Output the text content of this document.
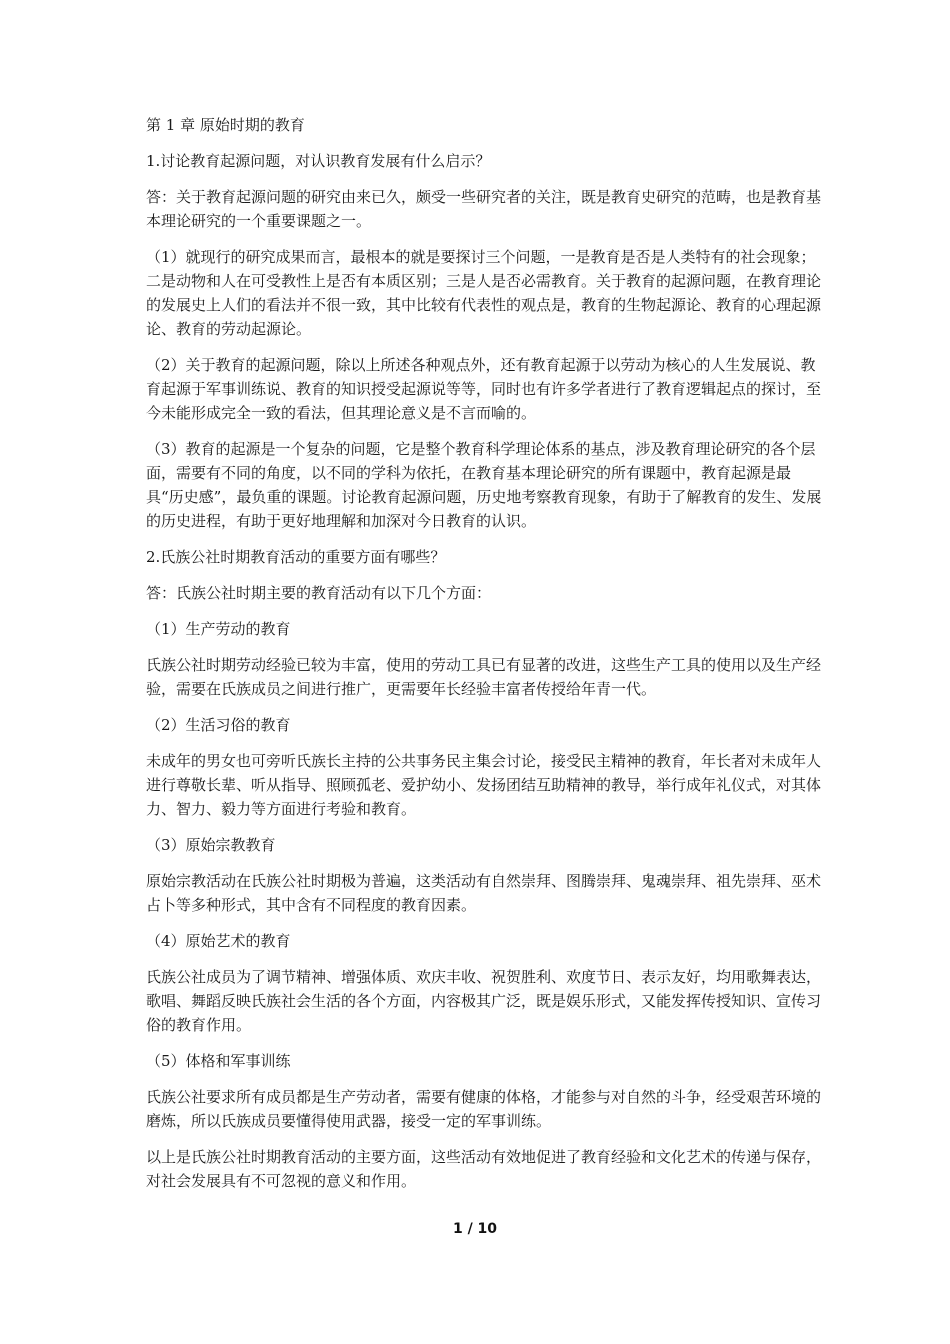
第 1 章 原始时期的教育

1.讨论教育起源问题，对认识教育发展有什么启示？

答：关于教育起源问题的研究由来已久，颇受一些研究者的关注，既是教育史研究的范畴，也是教育基本理论研究的一个重要课题之一。

（1）就现行的研究成果而言，最根本的就是要探讨三个问题，一是教育是否是人类特有的社会现象；二是动物和人在可受教性上是否有本质区别；三是人是否必需教育。关于教育的起源问题，在教育理论的发展史上人们的看法并不很一致，其中比较有代表性的观点是，教育的生物起源论、教育的心理起源论、教育的劳动起源论。

（2）关于教育的起源问题，除以上所述各种观点外，还有教育起源于以劳动为核心的人生发展说、教育起源于军事训练说、教育的知识授受起源说等等，同时也有许多学者进行了教育逻辑起点的探讨，至今未能形成完全一致的看法，但其理论意义是不言而喻的。

（3）教育的起源是一个复杂的问题，它是整个教育科学理论体系的基点，涉及教育理论研究的各个层面，需要有不同的角度，以不同的学科为依托，在教育基本理论研究的所有课题中，教育起源是最具“历史感”，最负重的课题。讨论教育起源问题，历史地考察教育现象，有助于了解教育的发生、发展的历史进程，有助于更好地理解和加深对今日教育的认识。

2.氏族公社时期教育活动的重要方面有哪些？

答：氏族公社时期主要的教育活动有以下几个方面：

（1）生产劳动的教育

氏族公社时期劳动经验已较为丰富，使用的劳动工具已有显著的改进，这些生产工具的使用以及生产经验，需要在氏族成员之间进行推广，更需要年长经验丰富者传授给年青一代。

（2）生活习俗的教育

未成年的男女也可旁听氏族长主持的公共事务民主集会讨论，接受民主精神的教育，年长者对未成年人进行尊敬长辈、听从指导、照顾孤老、爱护幼小、发扬团结互助精神的教导，举行成年礼仪式，对其体力、智力、毅力等方面进行考验和教育。

（3）原始宗教教育

原始宗教活动在氏族公社时期极为普遍，这类活动有自然崇拜、图腾崇拜、鬼魂崇拜、祖先崇拜、巫术占卜等多种形式，其中含有不同程度的教育因素。

（4）原始艺术的教育

氏族公社成员为了调节精神、增强体质、欢庆丰收、祝贺胜利、欢度节日、表示友好，均用歌舞表达，歌唱、舞蹈反映氏族社会生活的各个方面，内容极其广泛，既是娱乐形式，又能发挥传授知识、宣传习俗的教育作用。

（5）体格和军事训练

氏族公社要求所有成员都是生产劳动者，需要有健康的体格，才能参与对自然的斗争，经受艰苦环境的磨炼，所以氏族成员要懂得使用武器，接受一定的军事训练。

以上是氏族公社时期教育活动的主要方面，这些活动有效地促进了教育经验和文化艺术的传递与保存，对社会发展具有不可忽视的意义和作用。

1 / 10
